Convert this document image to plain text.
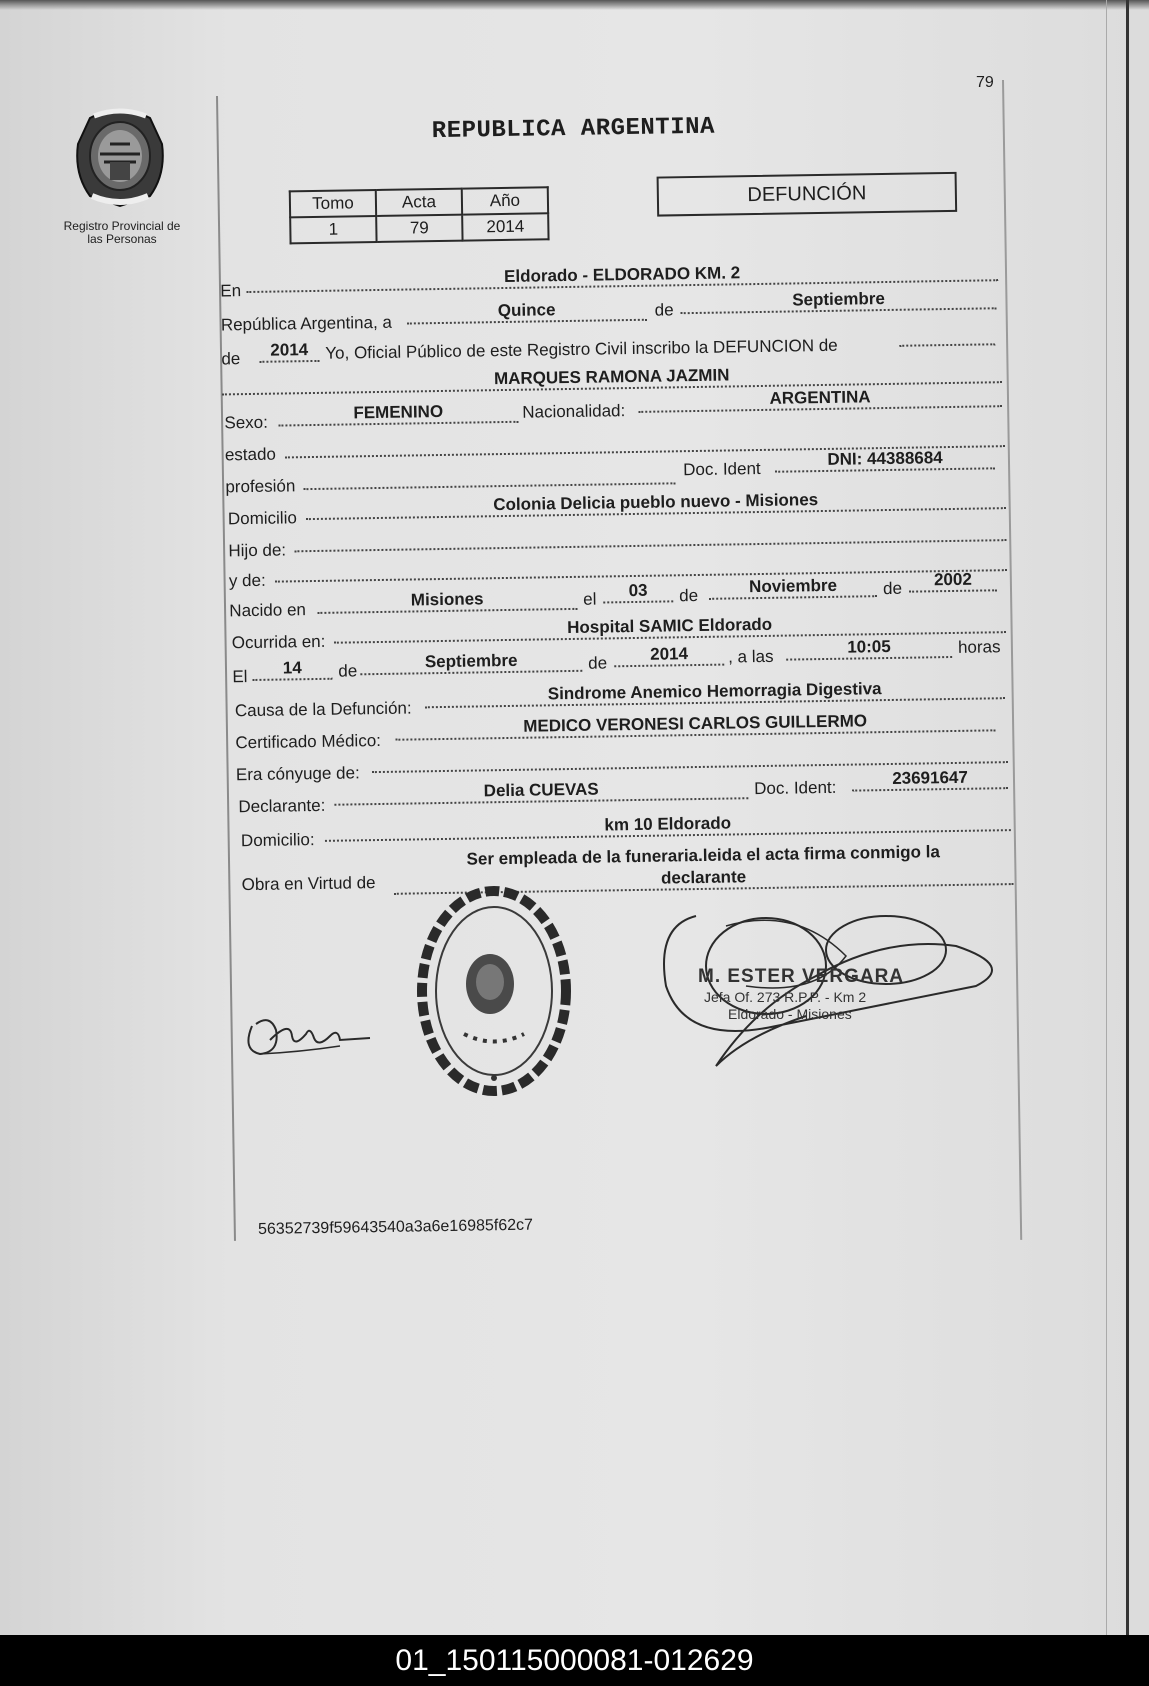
79
Registro Provincial de
las Personas
REPUBLICA ARGENTINA
Tomo	Acta	Año
1	79	2014
DEFUNCIÓN
En
Eldorado - ELDORADO KM. 2
República Argentina, a
Quince	de
Septiembre
de	2014 Yo, Oficial Público de este Registro Civil inscribo la DEFUNCION de
MARQUES RAMONA JAZMIN
Sexo:
FEMENINO	Nacionalidad:
ARGENTINA
estado
profesión
Doc. Ident
DNI: 44388684
Domicilio
Colonia Delicia pueblo nuevo - Misiones
Hijo de:
y de:
Nacido en
Misiones	el	03	de	Noviembre	de	2002
Ocurrida en:
Hospital SAMIC Eldorado
El	14	de	Septiembre	de	2014	, a las
10:05	horas
Causa de la Defunción:
Sindrome Anemico Hemorragia Digestiva
Certificado Médico:
MEDICO VERONESI CARLOS GUILLERMO
Era cónyuge de:
Declarante:
Delia CUEVAS	Doc. Ident:	23691647
Domicilio:
km 10 Eldorado
Obra en Virtud de
Ser empleada de la funeraria.leida el acta firma conmigo la
declarante
56352739f59643540a3a6e16985f62c7
M. ESTER VERGARA
Jefa Of. 273 R.P.P. - Km 2
Eldorado - Misiones
01_150115000081-012629
